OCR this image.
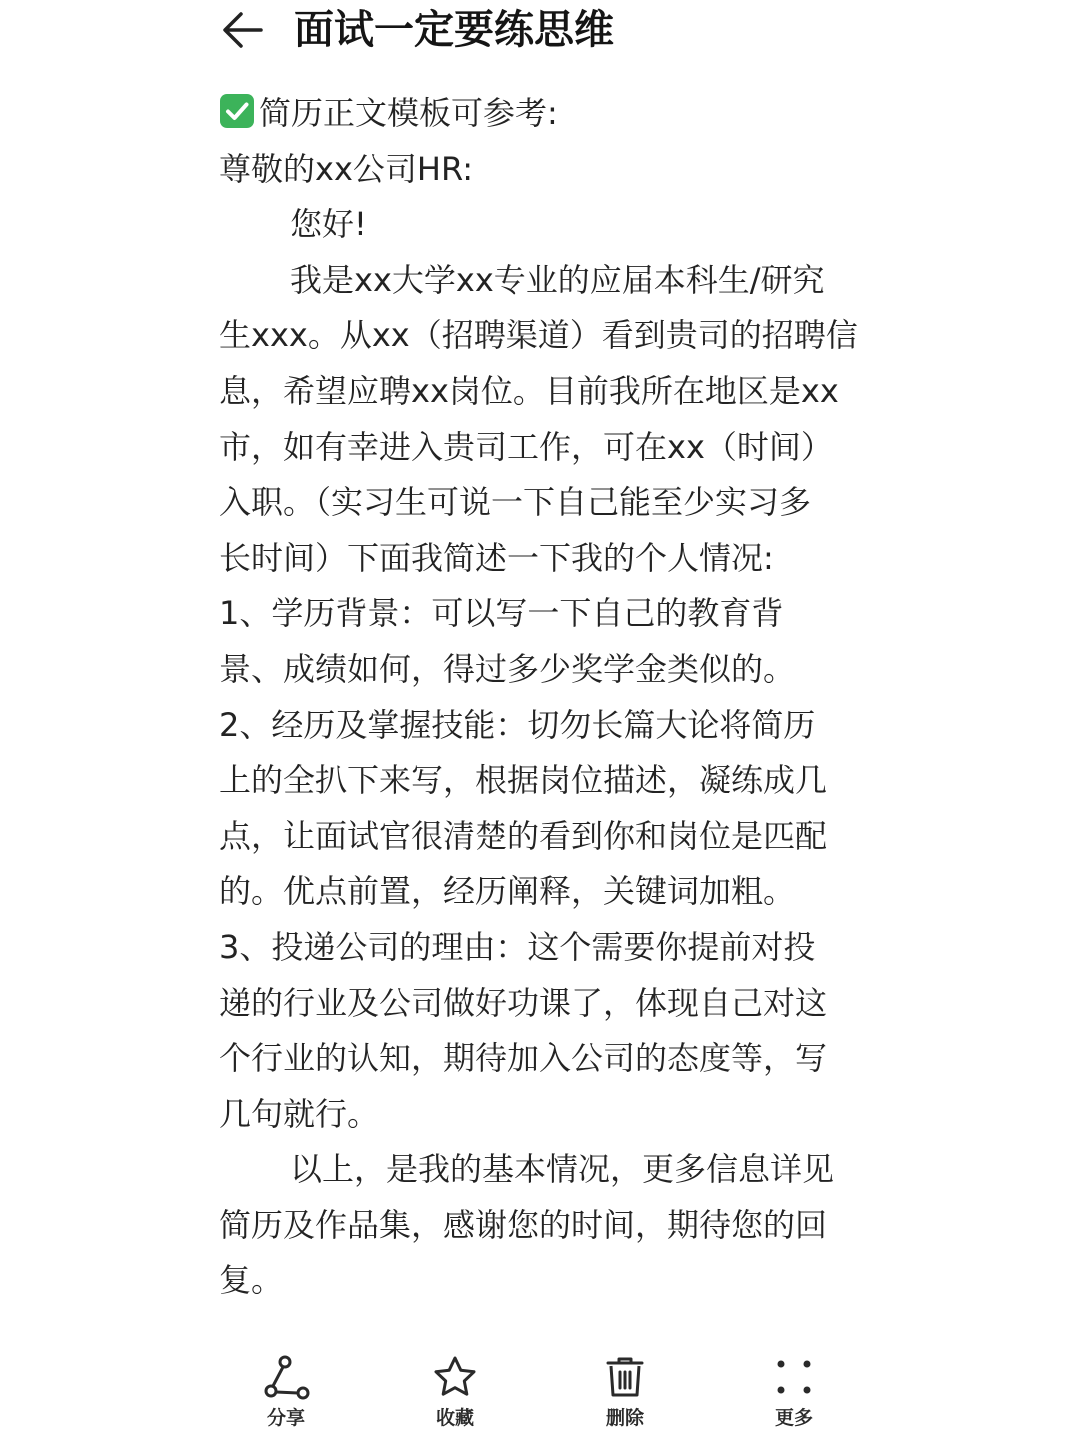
面试一定要练思维
简历正文模板可参考:
尊敬的xx公司HR:
您好!
我是xx大学xx专业的应届本科生/研究
生xxx。从xx（招聘渠道）看到贵司的招聘信
息，希望应聘xx岗位。目前我所在地区是xx
市，如有幸进入贵司工作，可在xx（时间）
入职。（实习生可说一下自己能至少实习多
长时间）下面我简述一下我的个人情况:
1、学历背景：可以写一下自己的教育背
景、成绩如何，得过多少奖学金类似的。
2、经历及掌握技能：切勿长篇大论将简历
上的全扒下来写，根据岗位描述，凝练成几
点，让面试官很清楚的看到你和岗位是匹配
的。优点前置，经历阐释，关键词加粗。
3、投递公司的理由：这个需要你提前对投
递的行业及公司做好功课了，体现自己对这
个行业的认知，期待加入公司的态度等，写
几句就行。
以上，是我的基本情况，更多信息详见
简历及作品集，感谢您的时间，期待您的回
复。
分享	收藏	删除	更多
